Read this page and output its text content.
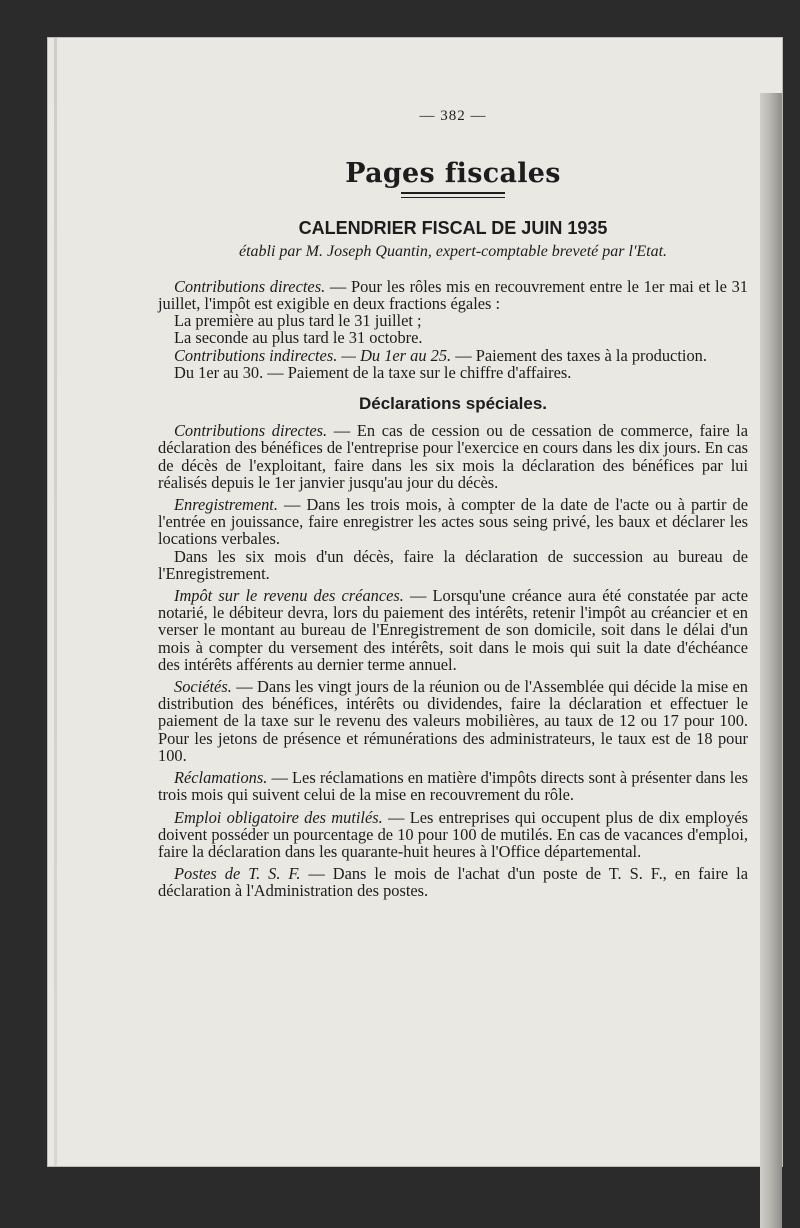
— 382 —
Pages fiscales
CALENDRIER FISCAL DE JUIN 1935
établi par M. Joseph Quantin, expert-comptable breveté par l'Etat.

Contributions directes. — Pour les rôles mis en recouvrement entre le 1er mai et le 31 juillet, l'impôt est exigible en deux fractions égales :

La première au plus tard le 31 juillet ;

La seconde au plus tard le 31 octobre.

Contributions indirectes. — Du 1er au 25. — Paiement des taxes à la production.

Du 1er au 30. — Paiement de la taxe sur le chiffre d'affaires.

Déclarations spéciales.

Contributions directes. — En cas de cession ou de cessation de commerce, faire la déclaration des bénéfices de l'entreprise pour l'exercice en cours dans les dix jours. En cas de décès de l'exploitant, faire dans les six mois la déclaration des bénéfices par lui réalisés depuis le 1er janvier jusqu'au jour du décès.

Enregistrement. — Dans les trois mois, à compter de la date de l'acte ou à partir de l'entrée en jouissance, faire enregistrer les actes sous seing privé, les baux et déclarer les locations verbales.

Dans les six mois d'un décès, faire la déclaration de succession au bureau de l'Enregistrement.

Impôt sur le revenu des créances. — Lorsqu'une créance aura été constatée par acte notarié, le débiteur devra, lors du paiement des intérêts, retenir l'impôt au créancier et en verser le montant au bureau de l'Enregistrement de son domicile, soit dans le délai d'un mois à compter du versement des intérêts, soit dans le mois qui suit la date d'échéance des intérêts afférents au dernier terme annuel.

Sociétés. — Dans les vingt jours de la réunion ou de l'Assemblée qui décide la mise en distribution des bénéfices, intérêts ou dividendes, faire la déclaration et effectuer le paiement de la taxe sur le revenu des valeurs mobilières, au taux de 12 ou 17 pour 100. Pour les jetons de présence et rémunérations des administrateurs, le taux est de 18 pour 100.

Réclamations. — Les réclamations en matière d'impôts directs sont à présenter dans les trois mois qui suivent celui de la mise en recouvrement du rôle.

Emploi obligatoire des mutilés. — Les entreprises qui occupent plus de dix employés doivent posséder un pourcentage de 10 pour 100 de mutilés. En cas de vacances d'emploi, faire la déclaration dans les quarante-huit heures à l'Office départemental.

Postes de T. S. F. — Dans le mois de l'achat d'un poste de T. S. F., en faire la déclaration à l'Administration des postes.
